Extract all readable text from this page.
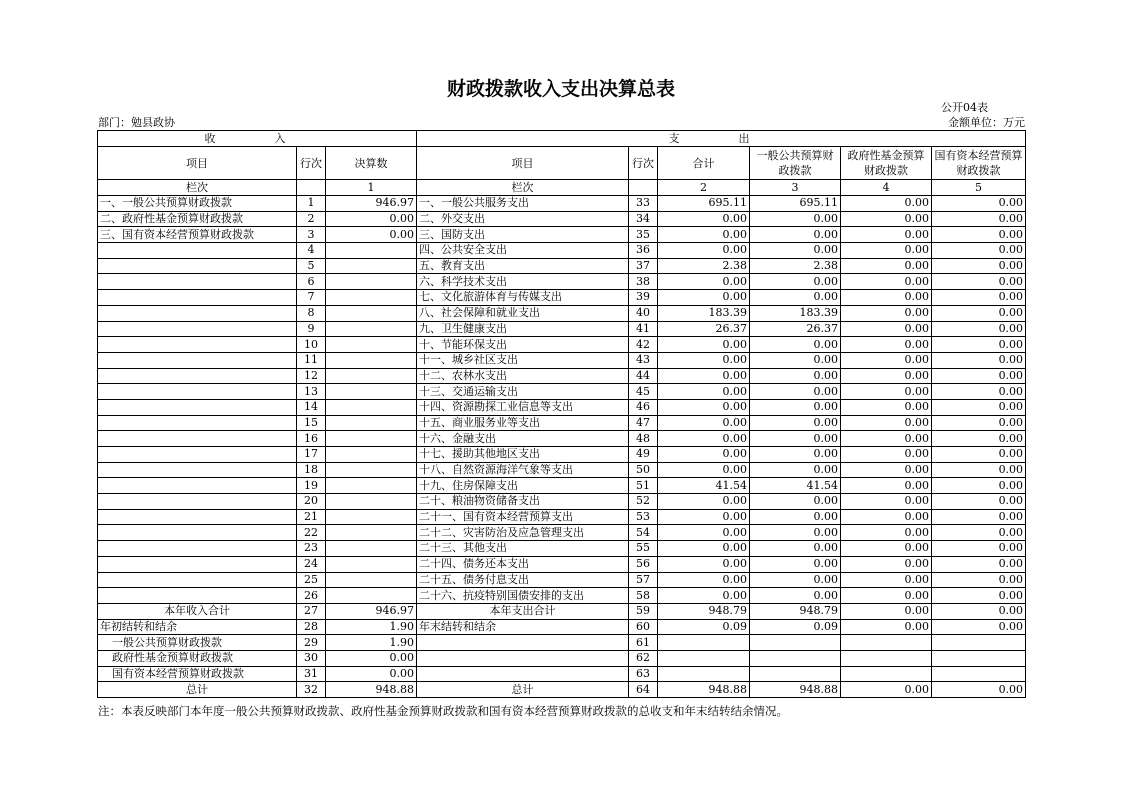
财政拨款收入支出决算总表
公开04表
部门：勉县政协	金额单位：万元
收　入			支　出					
项目	行次	决算数	项目	行次	合计	一般公共预算财政拨款	政府性基金预算财政拨款	国有资本经营预算财政拨款
栏次		1	栏次		2	3	4	5
一、一般公共预算财政拨款	1	946.97	一、一般公共服务支出	33	695.11	695.11	0.00	0.00
二、政府性基金预算财政拨款	2	0.00	二、外交支出	34	0.00	0.00	0.00	0.00
三、国有资本经营预算财政拨款	3	0.00	三、国防支出	35	0.00	0.00	0.00	0.00
	4		四、公共安全支出	36	0.00	0.00	0.00	0.00
	5		五、教育支出	37	2.38	2.38	0.00	0.00
	6		六、科学技术支出	38	0.00	0.00	0.00	0.00
	7		七、文化旅游体育与传媒支出	39	0.00	0.00	0.00	0.00
	8		八、社会保障和就业支出	40	183.39	183.39	0.00	0.00
	9		九、卫生健康支出	41	26.37	26.37	0.00	0.00
	10		十、节能环保支出	42	0.00	0.00	0.00	0.00
	11		十一、城乡社区支出	43	0.00	0.00	0.00	0.00
	12		十二、农林水支出	44	0.00	0.00	0.00	0.00
	13		十三、交通运输支出	45	0.00	0.00	0.00	0.00
	14		十四、资源勘探工业信息等支出	46	0.00	0.00	0.00	0.00
	15		十五、商业服务业等支出	47	0.00	0.00	0.00	0.00
	16		十六、金融支出	48	0.00	0.00	0.00	0.00
	17		十七、援助其他地区支出	49	0.00	0.00	0.00	0.00
	18		十八、自然资源海洋气象等支出	50	0.00	0.00	0.00	0.00
	19		十九、住房保障支出	51	41.54	41.54	0.00	0.00
	20		二十、粮油物资储备支出	52	0.00	0.00	0.00	0.00
	21		二十一、国有资本经营预算支出	53	0.00	0.00	0.00	0.00
	22		二十二、灾害防治及应急管理支出	54	0.00	0.00	0.00	0.00
	23		二十三、其他支出	55	0.00	0.00	0.00	0.00
	24		二十四、债务还本支出	56	0.00	0.00	0.00	0.00
	25		二十五、债务付息支出	57	0.00	0.00	0.00	0.00
	26		二十六、抗疫特别国债安排的支出	58	0.00	0.00	0.00	0.00
本年收入合计	27	946.97	本年支出合计	59	948.79	948.79	0.00	0.00
年初结转和结余	28	1.90	年末结转和结余	60	0.09	0.09	0.00	0.00
一般公共预算财政拨款	29	1.90		61				
政府性基金预算财政拨款	30	0.00		62				
国有资本经营预算财政拨款	31	0.00		63				
总计	32	948.88	总计	64	948.88	948.88	0.00	0.00
注：本表反映部门本年度一般公共预算财政拨款、政府性基金预算财政拨款和国有资本经营预算财政拨款的总收支和年末结转结余情况。
